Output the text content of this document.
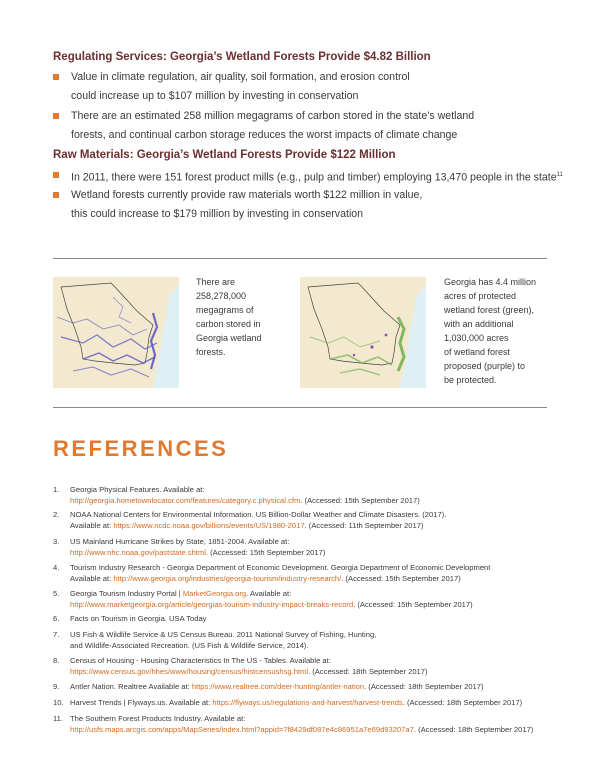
Regulating Services: Georgia’s Wetland Forests Provide $4.82 Billion
Value in climate regulation, air quality, soil formation, and erosion control
could increase up to $107 million by investing in conservation
There are an estimated 258 million megagrams of carbon stored in the state’s wetland
forests, and continual carbon storage reduces the worst impacts of climate change
Raw Materials: Georgia’s Wetland Forests Provide $122 Million
In 2011, there were 151 forest product mills (e.g., pulp and timber) employing 13,470 people in the state$^{11}$
Wetland forests currently provide raw materials worth $122 million in value,
this could increase to $179 million by investing in conservation
There are
258,278,000
megagrams of
carbon stored in
Georgia wetland
forests.
Georgia has 4.4 million
acres of protected
wetland forest (green),
with an additional
1,030,000 acres
of wetland forest
proposed (purple) to
be protected.
REFERENCES
1. Georgia Physical Features. Available at:
http://georgia.hometownlocator.com/features/category.c.physical.cfm. (Accessed: 15th September 2017)
2. NOAA National Centers for Environmental Information. US Billion-Dollar Weather and Climate Disasters. (2017).
Available at: https://www.ncdc.noaa.gov/billions/events/US/1980-2017. (Accessed: 11th September 2017)
3. US Mainland Hurricane Strikes by State, 1851-2004. Available at:
http://www.nhc.noaa.gov/paststate.shtml. (Accessed: 15th September 2017)
4. Tourism Industry Research - Georgia Department of Economic Development. Georgia Department of Economic Development
Available at: http://www.georgia.org/industries/georgia-tourism/industry-research/. (Accessed: 15th September 2017)
5. Georgia Tourism Industry Portal | MarketGeorgia.org. Available at:
http://www.marketgeorgia.org/article/georgias-tourism-industry-impact-breaks-record. (Accessed: 15th September 2017)
6. Facts on Tourism in Georgia. USA Today
7. US Fish & Wildlife Service & US Census Bureau. 2011 National Survey of Fishing, Hunting,
and Wildlife-Associated Recreation. (US Fish & Wildlife Service, 2014).
8. Census of Housing - Housing Characteristics In The US - Tables. Available at:
https://www.census.gov/hhes/www/housing/census/histcensushsg.html. (Accessed: 18th September 2017)
9. Antler Nation. Realtree Available at: https://www.realtree.com/deer-hunting/antler-nation. (Accessed: 18th September 2017)
10. Harvest Trends | Flyways.us. Available at: https://flyways.us/regulations-and-harvest/harvest-trends. (Accessed: 18th September 2017)
11. The Southern Forest Products Industry. Available at:
http://usfs.maps.arcgis.com/apps/MapSeries/index.html?appid=7f8429df087e4c86951a7e69d93207a7. (Accessed: 18th September 2017)
